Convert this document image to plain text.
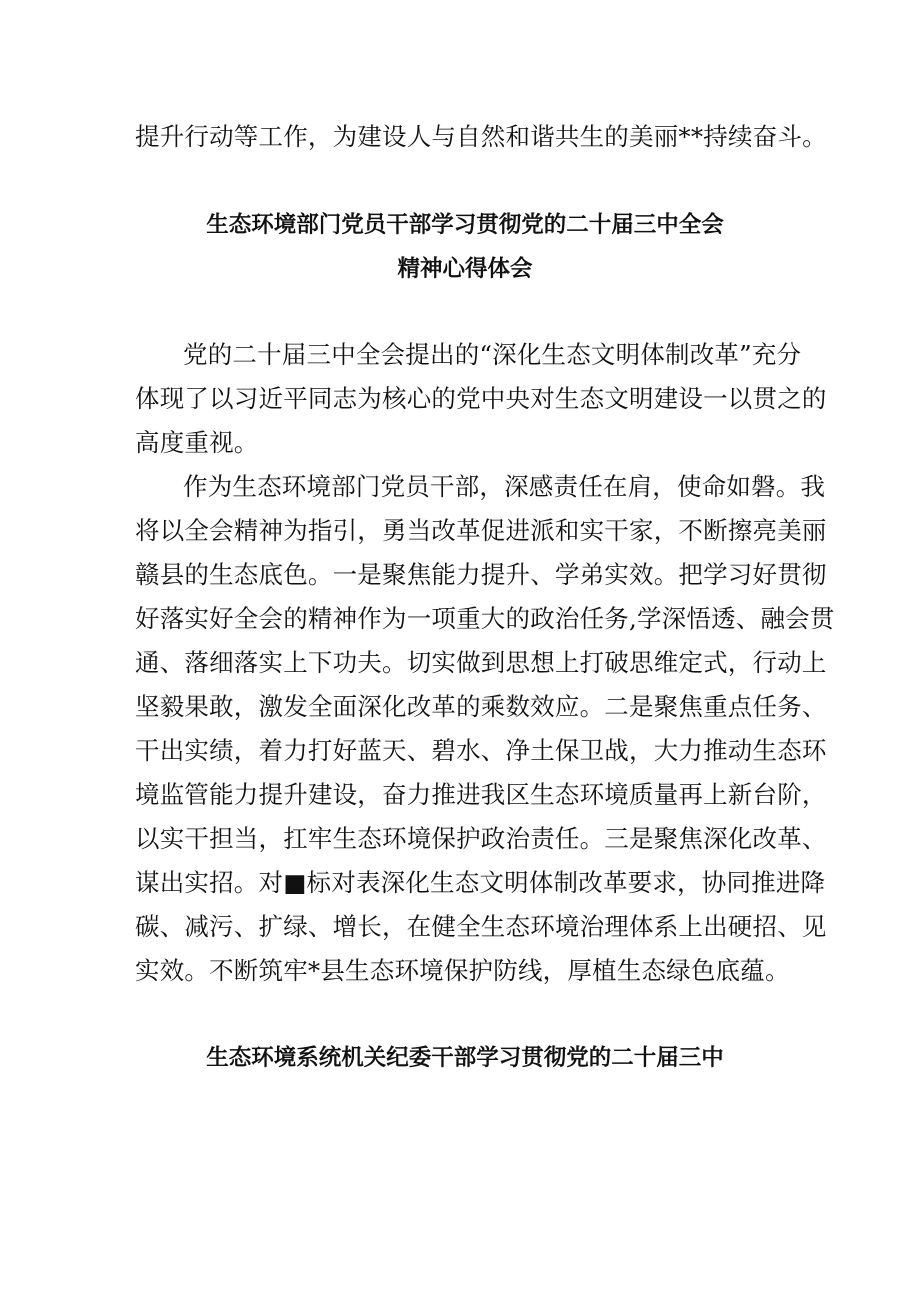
提升行动等工作，为建设人与自然和谐共生的美丽**持续奋斗。
生态环境部门党员干部学习贯彻党的二十届三中全会
精神心得体会
党的二十届三中全会提出的“深化生态文明体制改革”充分
体现了以习近平同志为核心的党中央对生态文明建设一以贯之的
高度重视。
作为生态环境部门党员干部，深感责任在肩，使命如磐。我
将以全会精神为指引，勇当改革促进派和实干家，不断擦亮美丽
赣县的生态底色。一是聚焦能力提升、学弟实效。把学习好贯彻
好落实好全会的精神作为一项重大的政治任务,学深悟透、融会贯
通、落细落实上下功夫。切实做到思想上打破思维定式，行动上
坚毅果敢，激发全面深化改革的乘数效应。二是聚焦重点任务、
干出实绩，着力打好蓝天、碧水、净土保卫战，大力推动生态环
境监管能力提升建设，奋力推进我区生态环境质量再上新台阶，
以实干担当，扛牢生态环境保护政治责任。三是聚焦深化改革、
谋出实招。对■标对表深化生态文明体制改革要求，协同推进降
碳、减污、扩绿、增长，在健全生态环境治理体系上出硬招、见
实效。不断筑牢*县生态环境保护防线，厚植生态绿色底蕴。
生态环境系统机关纪委干部学习贯彻党的二十届三中
